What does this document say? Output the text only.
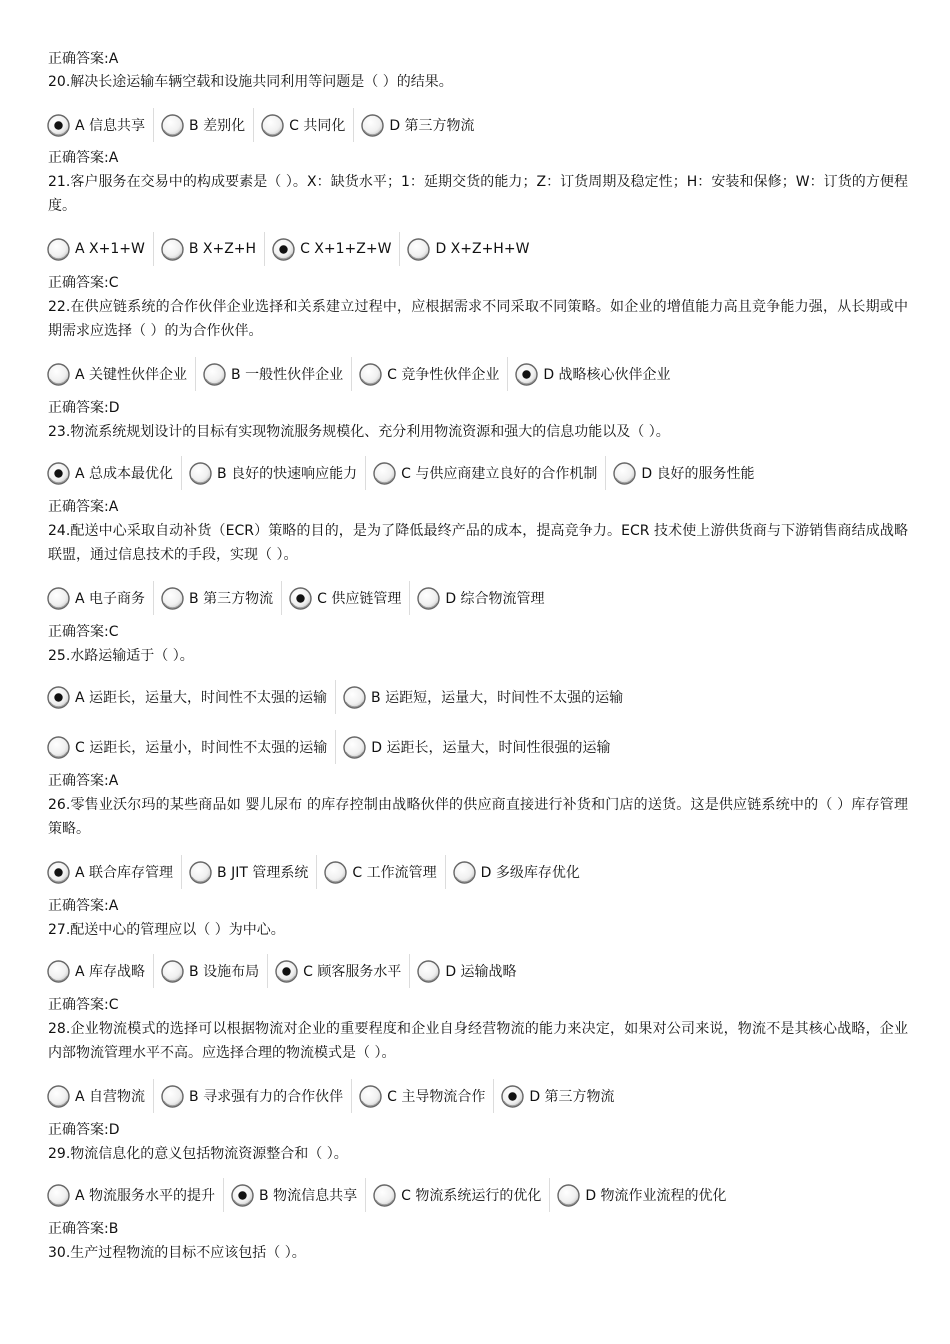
正确答案:A
20.解决长途运输车辆空载和设施共同利用等问题是（ ）的结果。
A 信息共享	B 差别化	C 共同化	D 第三方物流
正确答案:A
21.客户服务在交易中的构成要素是（ ）。X：缺货水平；1：延期交货的能力；Z：订货周期及稳定性；H：安装和保修；W：订货的方便程度。
A X+1+W	B X+Z+H	C X+1+Z+W	D X+Z+H+W
正确答案:C
22.在供应链系统的合作伙伴企业选择和关系建立过程中，应根据需求不同采取不同策略。如企业的增值能力高且竞争能力强，从长期或中期需求应选择（ ）的为合作伙伴。
A 关键性伙伴企业	B 一般性伙伴企业	C 竞争性伙伴企业	D 战略核心伙伴企业
正确答案:D
23.物流系统规划设计的目标有实现物流服务规模化、充分利用物流资源和强大的信息功能以及（ ）。
A 总成本最优化	B 良好的快速响应能力	C 与供应商建立良好的合作机制	D 良好的服务性能
正确答案:A
24.配送中心采取自动补货（ECR）策略的目的，是为了降低最终产品的成本，提高竞争力。ECR 技术使上游供货商与下游销售商结成战略联盟，通过信息技术的手段，实现（ ）。
A 电子商务	B 第三方物流	C 供应链管理	D 综合物流管理
正确答案:C
25.水路运输适于（ ）。
A 运距长，运量大，时间性不太强的运输	B 运距短，运量大，时间性不太强的运输
C 运距长，运量小，时间性不太强的运输	D 运距长，运量大，时间性很强的运输
正确答案:A
26.零售业沃尔玛的某些商品如 婴儿尿布 的库存控制由战略伙伴的供应商直接进行补货和门店的送货。这是供应链系统中的（ ）库存管理策略。
A 联合库存管理	B JIT 管理系统	C 工作流管理	D 多级库存优化
正确答案:A
27.配送中心的管理应以（ ）为中心。
A 库存战略	B 设施布局	C 顾客服务水平	D 运输战略
正确答案:C
28.企业物流模式的选择可以根据物流对企业的重要程度和企业自身经营物流的能力来决定，如果对公司来说，物流不是其核心战略，企业内部物流管理水平不高。应选择合理的物流模式是（ ）。
A 自营物流	B 寻求强有力的合作伙伴	C 主导物流合作	D 第三方物流
正确答案:D
29.物流信息化的意义包括物流资源整合和（ ）。
A 物流服务水平的提升	B 物流信息共享	C 物流系统运行的优化	D 物流作业流程的优化
正确答案:B
30.生产过程物流的目标不应该包括（ ）。
